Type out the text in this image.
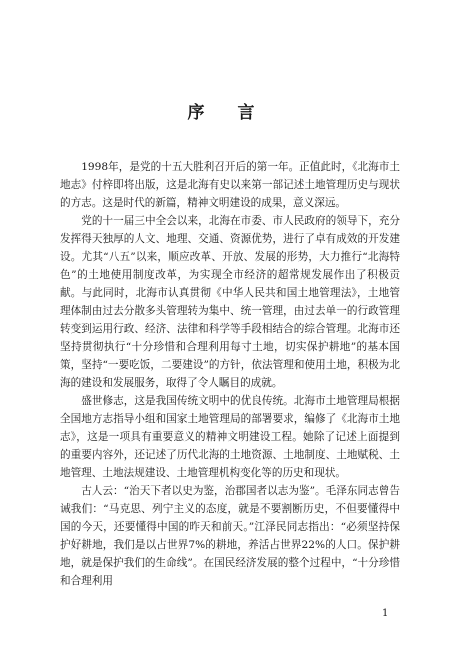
序　言

1998年，是党的十五大胜利召开后的第一年。正值此时，《北海市土地志》付梓即将出版，这是北海有史以来第一部记述土地管理历史与现状的方志。这是时代的新篇，精神文明建设的成果，意义深远。

党的十一届三中全会以来，北海在市委、市人民政府的领导下，充分发挥得天独厚的人文、地理、交通、资源优势，进行了卓有成效的开发建设。尤其“八五”以来，顺应改革、开放、发展的形势，大力推行“北海特色”的土地使用制度改革，为实现全市经济的超常规发展作出了积极贡献。与此同时，北海市认真贯彻《中华人民共和国土地管理法》，土地管理体制由过去分散多头管理转为集中、统一管理，由过去单一的行政管理转变到运用行政、经济、法律和科学等手段相结合的综合管理。北海市还坚持贯彻执行“十分珍惜和合理利用每寸土地，切实保护耕地”的基本国策，坚持“一要吃饭，二要建设”的方针，依法管理和使用土地，积极为北海的建设和发展服务，取得了令人瞩目的成就。

盛世修志，这是我国传统文明中的优良传统。北海市土地管理局根据全国地方志指导小组和国家土地管理局的部署要求，编修了《北海市土地志》，这是一项具有重要意义的精神文明建设工程。她除了记述上面提到的重要内容外，还记述了历代北海的土地资源、土地制度、土地赋税、土地管理、土地法规建设、土地管理机构变化等的历史和现状。

古人云：“治天下者以史为鉴，治郡国者以志为鉴”。毛泽东同志曾告诫我们：“马克思、列宁主义的态度，就是不要割断历史，不但要懂得中国的今天，还要懂得中国的昨天和前天。”江泽民同志指出：“必须坚持保护好耕地，我们是以占世界7%的耕地，养活占世界22%的人口。保护耕地，就是保护我们的生命线”。在国民经济发展的整个过程中，“十分珍惜和合理利用

1
